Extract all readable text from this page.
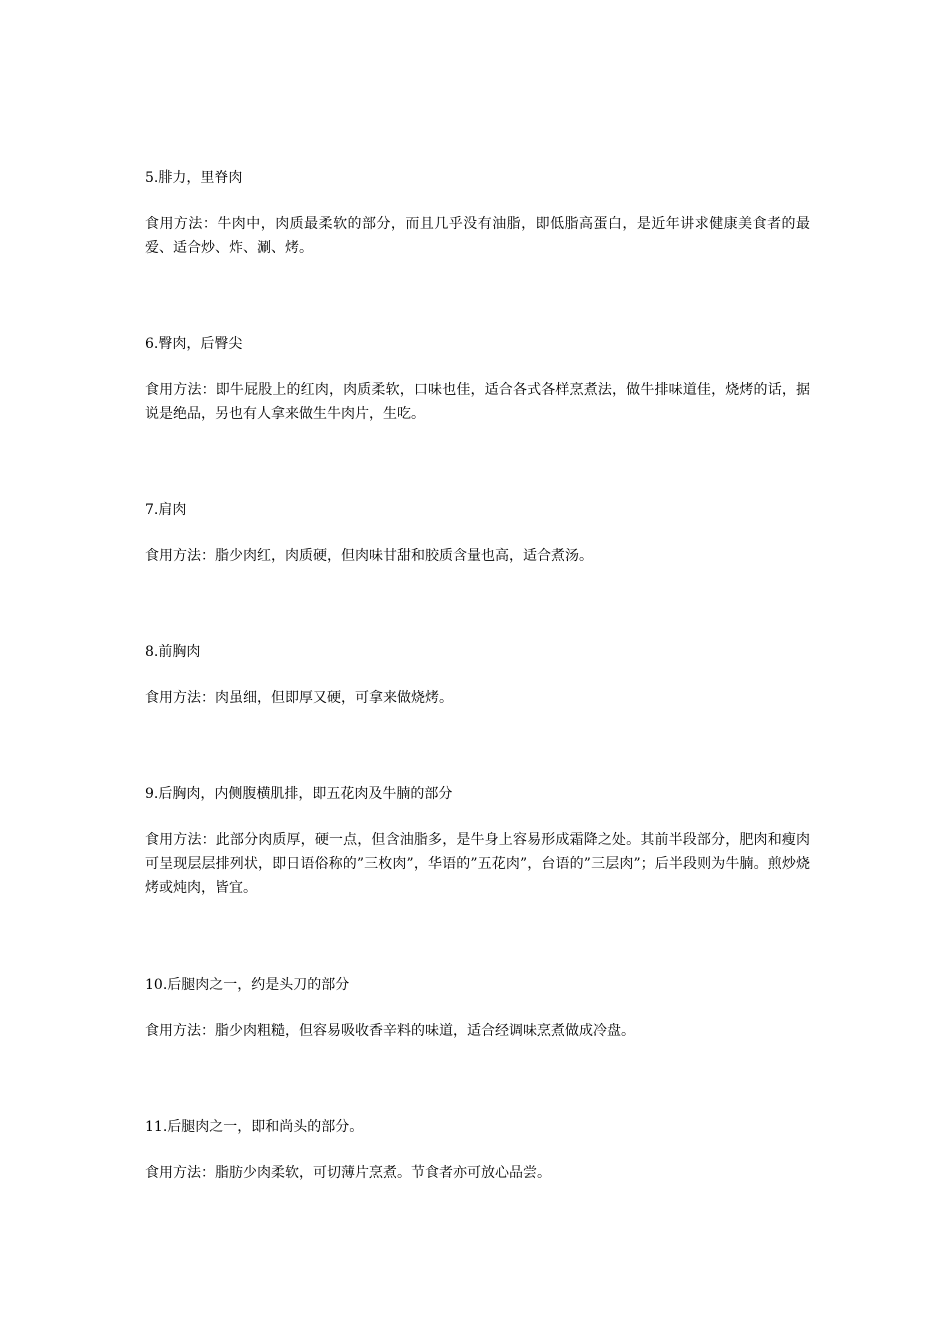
5.腓力，里脊肉

食用方法：牛肉中，肉质最柔软的部分，而且几乎没有油脂，即低脂高蛋白，是近年讲求健康美食者的最爱、适合炒、炸、涮、烤。

6.臀肉，后臀尖

食用方法：即牛屁股上的红肉，肉质柔软，口味也佳，适合各式各样烹煮法，做牛排味道佳，烧烤的话，据说是绝品，另也有人拿来做生牛肉片，生吃。

7.肩肉

食用方法：脂少肉红，肉质硬，但肉味甘甜和胶质含量也高，适合煮汤。

8.前胸肉

食用方法：肉虽细，但即厚又硬，可拿来做烧烤。

9.后胸肉，内侧腹横肌排，即五花肉及牛腩的部分

食用方法：此部分肉质厚，硬一点，但含油脂多，是牛身上容易形成霜降之处。其前半段部分，肥肉和瘦肉可呈现层层排列状，即日语俗称的”三枚肉”，华语的”五花肉”，台语的”三层肉”；后半段则为牛腩。煎炒烧烤或炖肉，皆宜。

10.后腿肉之一，约是头刀的部分

食用方法：脂少肉粗糙，但容易吸收香辛料的味道，适合经调味烹煮做成冷盘。

11.后腿肉之一，即和尚头的部分。

食用方法：脂肪少肉柔软，可切薄片烹煮。节食者亦可放心品尝。
